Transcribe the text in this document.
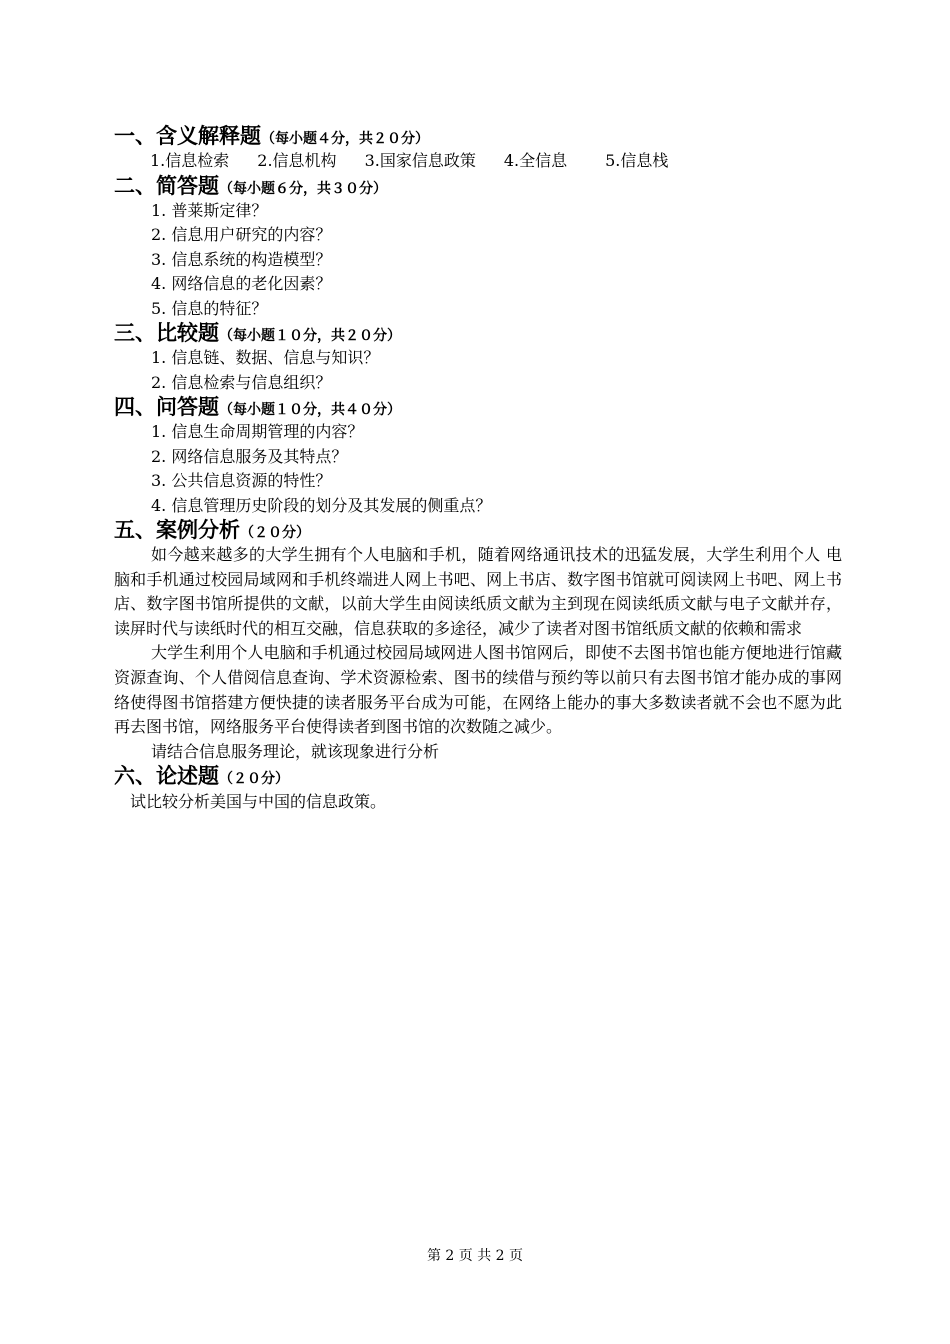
一、含义解释题（每小题４分，共２０分）
1.信息检索 2.信息机构 3.国家信息政策 4.全信息 5.信息栈
二、简答题（每小题６分，共３０分）
1. 普莱斯定律？
2. 信息用户研究的内容？
3. 信息系统的构造模型？
4. 网络信息的老化因素？
5. 信息的特征？
三、比较题（每小题１０分，共２０分）
1. 信息链、数据、信息与知识？
2. 信息检索与信息组织？
四、问答题（每小题１０分，共４０分）
1. 信息生命周期管理的内容？
2. 网络信息服务及其特点？
3. 公共信息资源的特性？
4. 信息管理历史阶段的划分及其发展的侧重点？
五、案例分析（２０分）

如今越来越多的大学生拥有个人电脑和手机，随着网络通讯技术的迅猛发展，大学生利用个人 电脑和手机通过校园局域网和手机终端进人网上书吧、网上书店、数字图书馆就可阅读网上书吧、网上书店、数字图书馆所提供的文献，以前大学生由阅读纸质文献为主到现在阅读纸质文献与电子文献并存，读屏时代与读纸时代的相互交融，信息获取的多途径，减少了读者对图书馆纸质文献的依赖和需求

大学生利用个人电脑和手机通过校园局域网进人图书馆网后，即使不去图书馆也能方便地进行馆藏资源查询、个人借阅信息查询、学术资源检索、图书的续借与预约等以前只有去图书馆才能办成的事网络使得图书馆搭建方便快捷的读者服务平台成为可能，在网络上能办的事大多数读者就不会也不愿为此再去图书馆，网络服务平台使得读者到图书馆的次数随之减少。

请结合信息服务理论，就该现象进行分析

六、论述题（２０分）
试比较分析美国与中国的信息政策。
第 2 页 共 2 页
